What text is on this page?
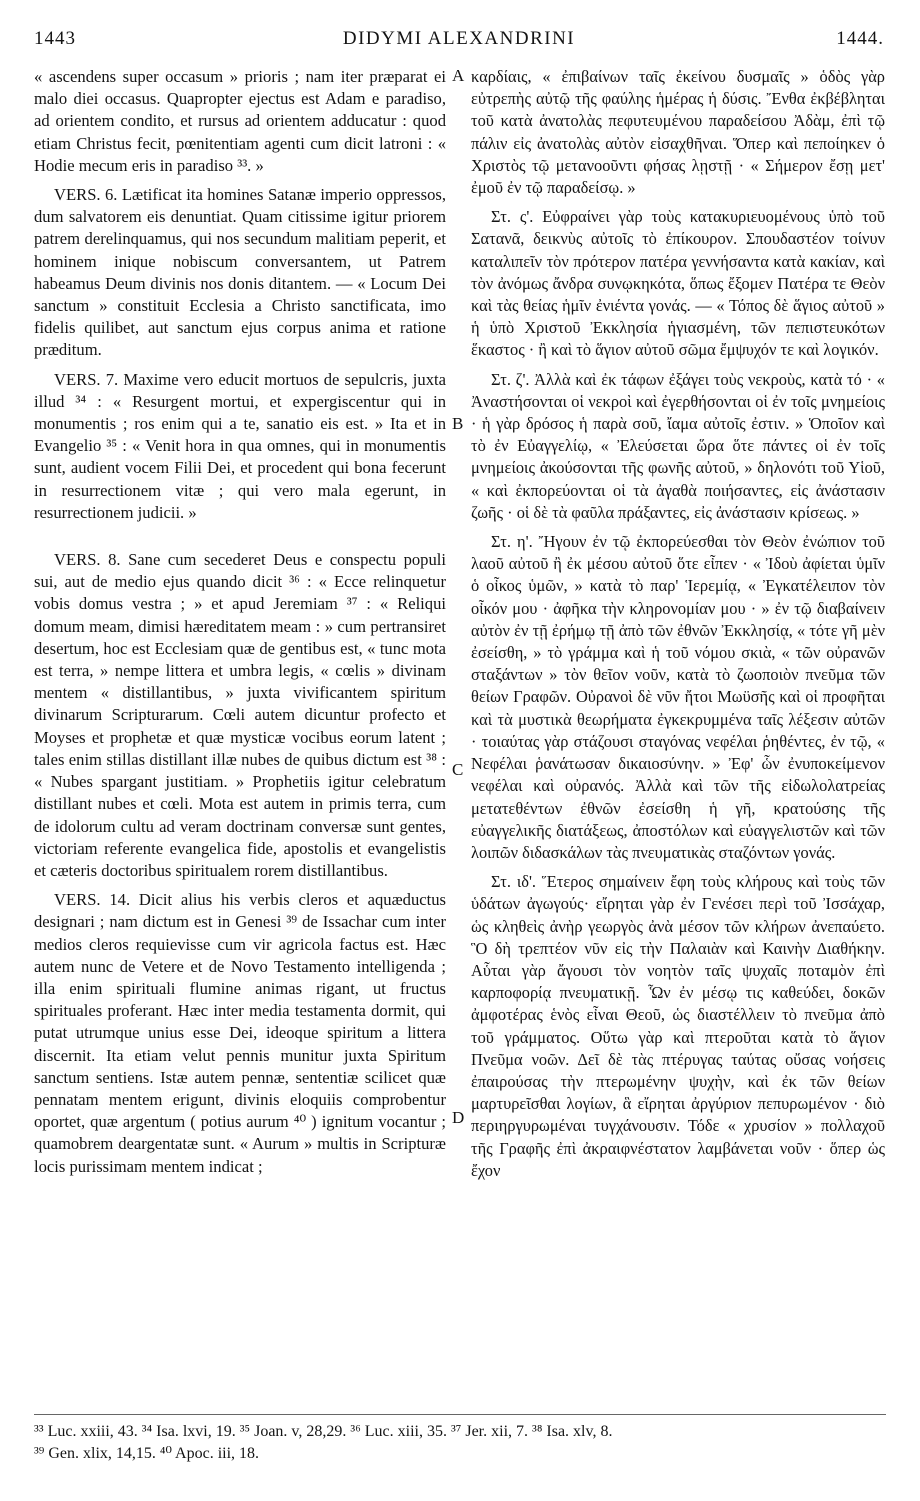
1443	DIDYMI ALEXANDRINI	1444.

« ascendens super occasum » prioris ; nam iter præparat ei malo diei occasus. Quapropter ejectus est Adam e paradiso, ad orientem condito, et rursus ad orientem adducatur : quod etiam Christus fecit, pœnitentiam agenti cum dicit latroni : « Hodie mecum eris in paradiso ³³. »

VERS. 6. Lætificat ita homines Satanæ imperio oppressos, dum salvatorem eis denuntiat. Quam citissime igitur priorem patrem derelinquamus, qui nos secundum malitiam peperit, et hominem inique nobiscum conversantem, ut Patrem habeamus Deum divinis nos donis ditantem. — « Locum Dei sanctum » constituit Ecclesia a Christo sanctificata, imo fidelis quilibet, aut sanctum ejus corpus anima et ratione præditum.

VERS. 7. Maxime vero educit mortuos de sepulcris, juxta illud ³⁴ : « Resurgent mortui, et expergiscentur qui in monumentis ; ros enim qui a te, sanatio eis est. » Ita et in Evangelio ³⁵ : « Venit hora in qua omnes, qui in monumentis sunt, audient vocem Filii Dei, et procedent qui bona fecerunt in resurrectionem vitæ ; qui vero mala egerunt, in resurrectionem judicii. »

VERS. 8. Sane cum secederet Deus e conspectu populi sui, aut de medio ejus quando dicit ³⁶ : « Ecce relinquetur vobis domus vestra ; » et apud Jeremiam ³⁷ : « Reliqui domum meam, dimisi hæreditatem meam : » cum pertransiret desertum, hoc est Ecclesiam quæ de gentibus est, « tunc mota est terra, » nempe littera et umbra legis, « cœlis » divinam mentem « distillantibus, » juxta vivificantem spiritum divinarum Scripturarum. Cœli autem dicuntur profecto et Moyses et prophetæ et quæ mysticæ vocibus eorum latent ; tales enim stillas distillant illæ nubes de quibus dictum est ³⁸ : « Nubes spargant justitiam. » Prophetiis igitur celebratum distillant nubes et cœli. Mota est autem in primis terra, cum de idolorum cultu ad veram doctrinam conversæ sunt gentes, victoriam referente evangelica fide, apostolis et evangelistis et cæteris doctoribus spiritualem rorem distillantibus.

VERS. 14. Dicit alius his verbis cleros et aquæductus designari ; nam dictum est in Genesi ³⁹ de Issachar cum inter medios cleros requievisse cum vir agricola factus est. Hæc autem nunc de Vetere et de Novo Testamento intelligenda ; illa enim spirituali flumine animas rigant, ut fructus spirituales proferant. Hæc inter media testamenta dormit, qui putat utrumque unius esse Dei, ideoque spiritum a littera discernit. Ita etiam velut pennis munitur juxta Spiritum sanctum sentiens. Istæ autem pennæ, sententiæ scilicet quæ pennatam mentem erigunt, divinis eloquiis comprobentur oportet, quæ argentum ( potius aurum ⁴⁰ ) ignitum vocantur ; quamobrem deargentatæ sunt. « Aurum » multis in Scripturæ locis purissimam mentem indicat ;

A
B
C
D

καρδίαις, « ἐπιβαίνων ταῖς ἐκείνου δυσμαῖς » ὁδὸς γὰρ εὐτρεπὴς αὐτῷ τῆς φαύλης ἡμέρας ἡ δύσις. Ἔνθα ἐκβέβληται τοῦ κατὰ ἀνατολὰς πεφυτευμένου παραδείσου Ἀδὰμ, ἐπὶ τῷ πάλιν εἰς ἀνατολὰς αὐτὸν εἰσαχθῆναι. Ὅπερ καὶ πεποίηκεν ὁ Χριστὸς τῷ μετανοοῦντι φήσας λῃστῇ · « Σήμερον ἔσῃ μετ' ἐμοῦ ἐν τῷ παραδείσῳ. »

Στ. ς'. Εὐφραίνει γὰρ τοὺς κατακυριευομένους ὑπὸ τοῦ Σατανᾶ, δεικνὺς αὐτοῖς τὸ ἐπίκουρον. Σπουδαστέον τοίνυν καταλιπεῖν τὸν πρότερον πατέρα γεννήσαντα κατὰ κακίαν, καὶ τὸν ἀνόμως ἄνδρα συνῳκηκότα, ὅπως ἔξομεν Πατέρα τε Θεὸν καὶ τὰς θείας ἡμῖν ἐνιέντα γονάς. — « Τόπος δὲ ἅγιος αὐτοῦ » ἡ ὑπὸ Χριστοῦ Ἐκκλησία ἡγιασμένη, τῶν πεπιστευκότων ἕκαστος · ἢ καὶ τὸ ἅγιον αὐτοῦ σῶμα ἔμψυχόν τε καὶ λογικόν.

Στ. ζ'. Ἀλλὰ καὶ ἐκ τάφων ἐξάγει τοὺς νεκροὺς, κατὰ τό · « Ἀναστήσονται οἱ νεκροὶ καὶ ἐγερθήσονται οἱ ἐν τοῖς μνημείοις · ἡ γὰρ δρόσος ἡ παρὰ σοῦ, ἴαμα αὐτοῖς ἐστιν. » Ὁποῖον καὶ τὸ ἐν Εὐαγγελίῳ, « Ἐλεύσεται ὥρα ὅτε πάντες οἱ ἐν τοῖς μνημείοις ἀκούσονται τῆς φωνῆς αὐτοῦ, » δηλονότι τοῦ Υἱοῦ, « καὶ ἐκπορεύονται οἱ τὰ ἀγαθὰ ποιήσαντες, εἰς ἀνάστασιν ζωῆς · οἱ δὲ τὰ φαῦλα πράξαντες, εἰς ἀνάστασιν κρίσεως. »

Στ. η'. Ἤγουν ἐν τῷ ἐκπορεύεσθαι τὸν Θεὸν ἐνώπιον τοῦ λαοῦ αὐτοῦ ἢ ἐκ μέσου αὐτοῦ ὅτε εἶπεν · « Ἰδοὺ ἀφίεται ὑμῖν ὁ οἶκος ὑμῶν, » κατὰ τὸ παρ' Ἱερεμίᾳ, « Ἐγκατέλειπον τὸν οἶκόν μου · ἀφῆκα τὴν κληρονομίαν μου · » ἐν τῷ διαβαίνειν αὐτὸν ἐν τῇ ἐρήμῳ τῇ ἀπὸ τῶν ἐθνῶν Ἐκκλησίᾳ, « τότε γῆ μὲν ἐσείσθη, » τὸ γράμμα καὶ ἡ τοῦ νόμου σκιὰ, « τῶν οὐρανῶν σταξάντων » τὸν θεῖον νοῦν, κατὰ τὸ ζωοποιὸν πνεῦμα τῶν θείων Γραφῶν. Οὐρανοὶ δὲ νῦν ἤτοι Μωϋσῆς καὶ οἱ προφῆται καὶ τὰ μυστικὰ θεωρήματα ἐγκεκρυμμένα ταῖς λέξεσιν αὐτῶν · τοιαύτας γὰρ στάζουσι σταγόνας νεφέλαι ῥηθέντες, ἐν τῷ, « Νεφέλαι ῥανάτωσαν δικαιοσύνην. » Ἐφ' ὧν ἐνυποκείμενον νεφέλαι καὶ οὐρανός. Ἀλλὰ καὶ τῶν τῆς εἰδωλολατρείας μετατεθέντων ἐθνῶν ἐσείσθη ἡ γῆ, κρατούσης τῆς εὐαγγελικῆς διατάξεως, ἀποστόλων καὶ εὐαγγελιστῶν καὶ τῶν λοιπῶν διδασκάλων τὰς πνευματικὰς σταζόντων γονάς.

Στ. ιδ'. Ἕτερος σημαίνειν ἔφη τοὺς κλήρους καὶ τοὺς τῶν ὑδάτων ἀγωγούς· εἴρηται γὰρ ἐν Γενέσει περὶ τοῦ Ἰσσάχαρ, ὡς κληθεὶς ἀνὴρ γεωργὸς ἀνὰ μέσον τῶν κλήρων ἀνεπαύετο. Ὃ δὴ τρεπτέον νῦν εἰς τὴν Παλαιὰν καὶ Καινὴν Διαθήκην. Αὗται γὰρ ἄγουσι τὸν νοητὸν ταῖς ψυχαῖς ποταμὸν ἐπὶ καρποφορίᾳ πνευματικῇ. Ὧν ἐν μέσῳ τις καθεύδει, δοκῶν ἀμφοτέρας ἑνὸς εἶναι Θεοῦ, ὡς διαστέλλειν τὸ πνεῦμα ἀπὸ τοῦ γράμματος. Οὕτω γὰρ καὶ πτεροῦται κατὰ τὸ ἅγιον Πνεῦμα νοῶν. Δεῖ δὲ τὰς πτέρυγας ταύτας οὔσας νοήσεις ἐπαιρούσας τὴν πτερωμένην ψυχὴν, καὶ ἐκ τῶν θείων μαρτυρεῖσθαι λογίων, ἃ εἴρηται ἀργύριον πεπυρωμένον · διὸ περιηργυρωμέναι τυγχάνουσιν. Τόδε « χρυσίον » πολλαχοῦ τῆς Γραφῆς ἐπὶ ἀκραιφνέστατον λαμβάνεται νοῦν · ὅπερ ὡς ἔχον

³³ Luc. xxiii, 43. ³⁴ Isa. lxvi, 19. ³⁵ Joan. v, 28,29. ³⁶ Luc. xiii, 35. ³⁷ Jer. xii, 7. ³⁸ Isa. xlv, 8.
³⁹ Gen. xlix, 14,15. ⁴⁰ Apoc. iii, 18.
